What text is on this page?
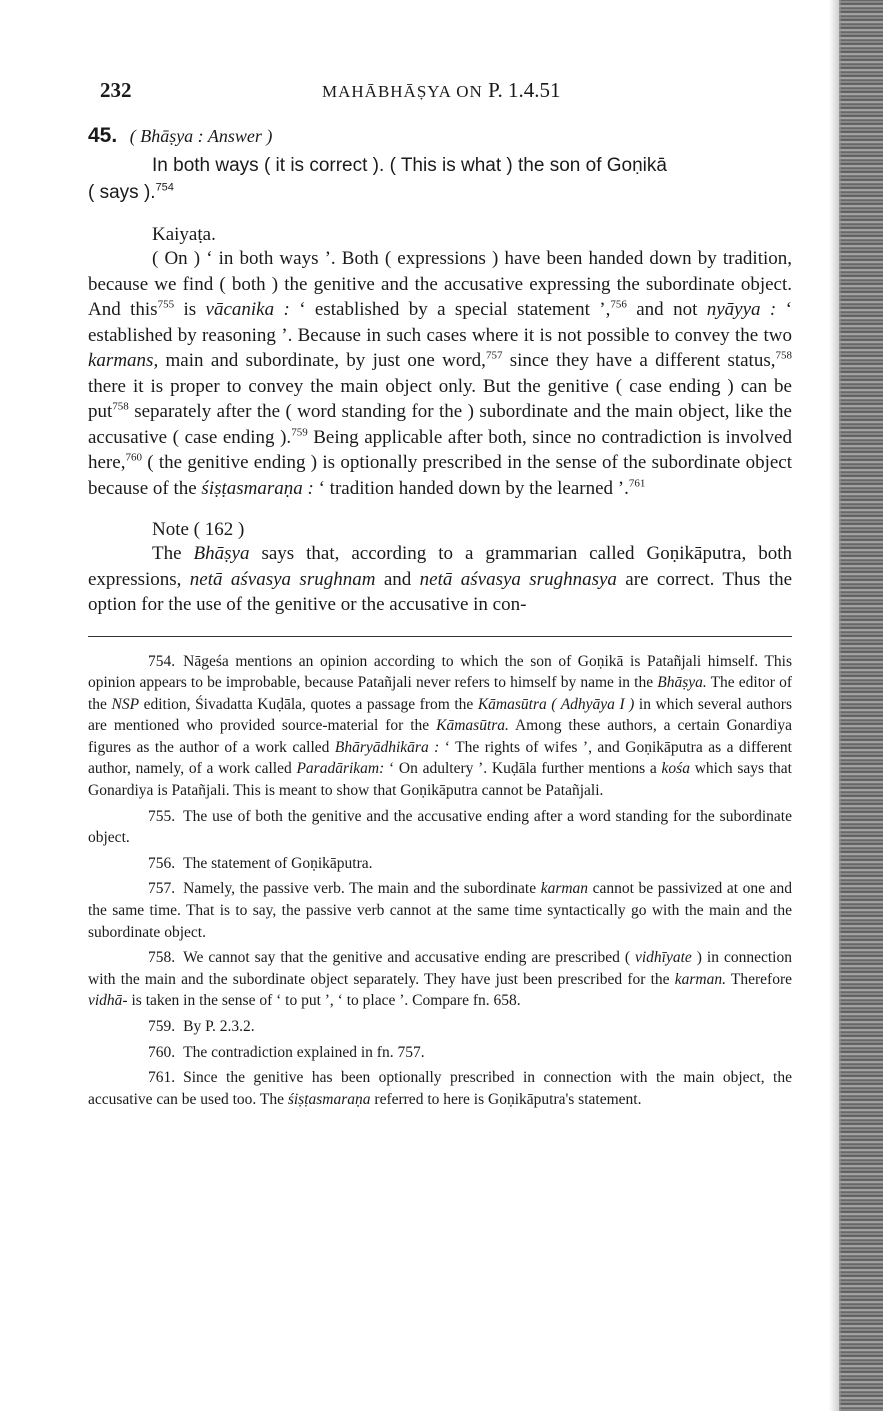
232	MAHĀBHĀṢYA ON P. 1.4.51
45. ( Bhāṣya : Answer )

In both ways ( it is correct ). ( This is what ) the son of Goṇikā

( says ).$^{754}$

Kaiyaṭa.

( On ) ‘ in both ways ’. Both ( expressions ) have been handed down by tradition, because we find ( both ) the genitive and the accusative expressing the subordinate object. And this$^{755}$ is vācanika : ‘ established by a special statement ’,$^{756}$ and not nyāyya : ‘ established by reasoning ’. Because in such cases where it is not possible to convey the two karmans, main and subordinate, by just one word,$^{757}$ since they have a different status,$^{758}$ there it is proper to convey the main object only. But the genitive ( case ending ) can be put$^{758}$ separately after the ( word standing for the ) subordinate and the main object, like the accusative ( case ending ).$^{759}$ Being applicable after both, since no contradiction is involved here,$^{760}$ ( the genitive ending ) is optionally prescribed in the sense of the subordinate object because of the śiṣṭasmaraṇa : ‘ tradition handed down by the learned ’.$^{761}$

Note ( 162 )

The Bhāṣya says that, according to a grammarian called Goṇikāputra, both expressions, netā aśvasya srughnam and netā aśvasya srughnasya are correct. Thus the option for the use of the genitive or the accusative in con-

754. Nāgeśa mentions an opinion according to which the son of Goṇikā is Patañjali himself. This opinion appears to be improbable, because Patañjali never refers to himself by name in the Bhāṣya. The editor of the NSP edition, Śivadatta Kuḍāla, quotes a passage from the Kāmasūtra ( Adhyāya I ) in which several authors are mentioned who provided source-material for the Kāmasūtra. Among these authors, a certain Gonardiya figures as the author of a work called Bhāryādhikāra : ‘ The rights of wifes ’, and Goṇikāputra as a different author, namely, of a work called Paradārikam: ‘ On adultery ’. Kuḍāla further mentions a kośa which says that Gonardiya is Patañjali. This is meant to show that Goṇikāputra cannot be Patañjali.

755. The use of both the genitive and the accusative ending after a word standing for the subordinate object.

756. The statement of Goṇikāputra.

757. Namely, the passive verb. The main and the subordinate karman cannot be passivized at one and the same time. That is to say, the passive verb cannot at the same time syntactically go with the main and the subordinate object.

758. We cannot say that the genitive and accusative ending are prescribed ( vidhīyate ) in connection with the main and the subordinate object separately. They have just been prescribed for the karman. Therefore vidhā- is taken in the sense of ‘ to put ’, ‘ to place ’. Compare fn. 658.

759. By P. 2.3.2.

760. The contradiction explained in fn. 757.

761. Since the genitive has been optionally prescribed in connection with the main object, the accusative can be used too. The śiṣṭasmaraṇa referred to here is Goṇikāputra's statement.
